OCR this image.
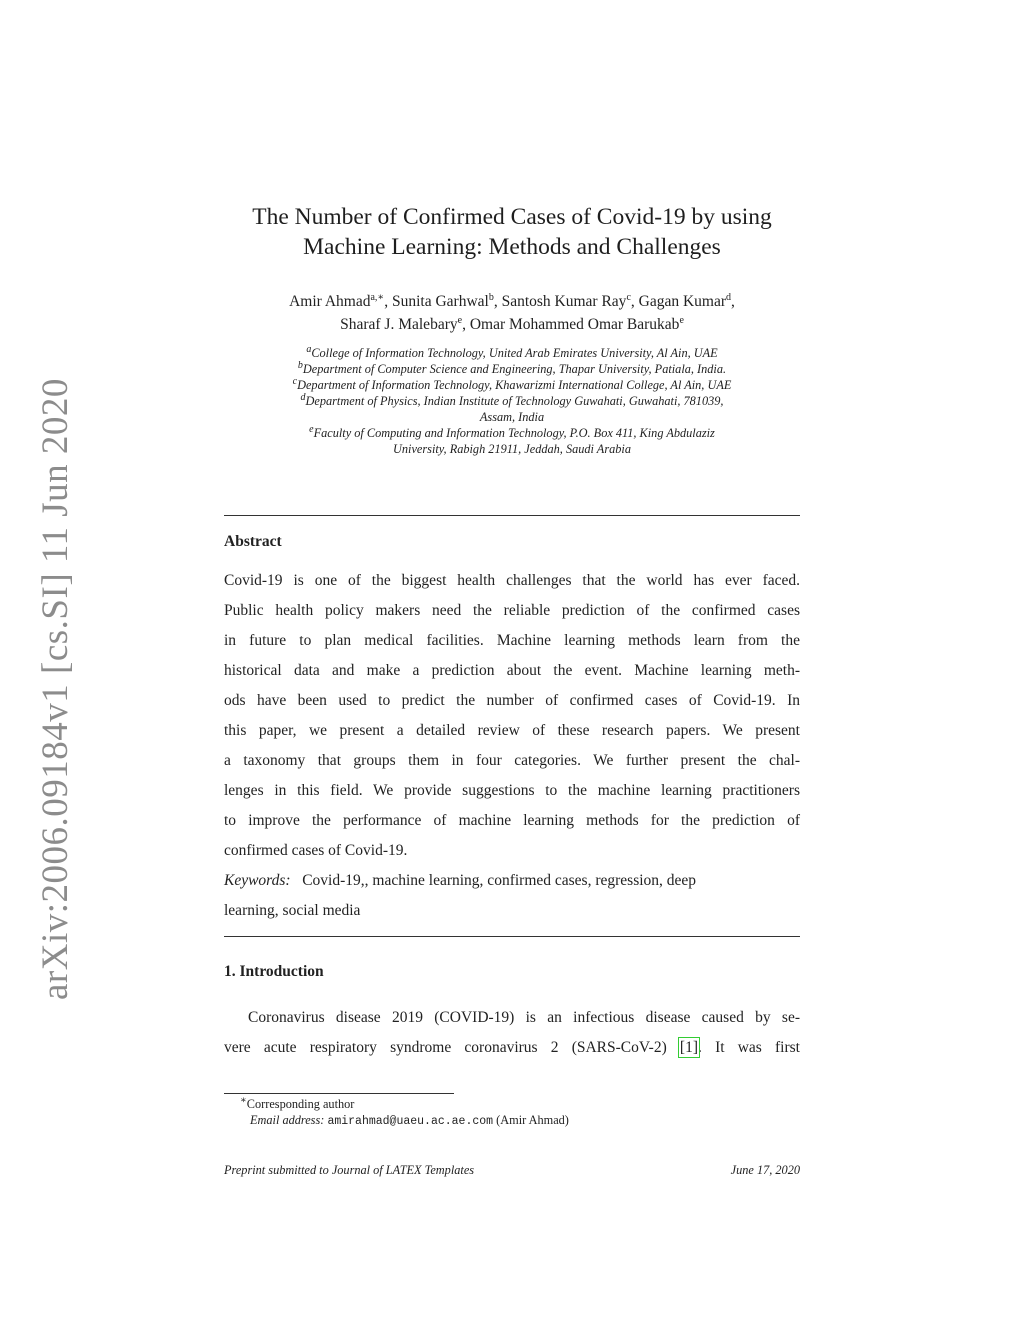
arXiv:2006.09184v1 [cs.SI] 11 Jun 2020
The Number of Confirmed Cases of Covid-19 by using
Machine Learning: Methods and Challenges
Amir Ahmad$^{a,∗}$, Sunita Garhwal$^b$, Santosh Kumar Ray$^c$, Gagan Kumar$^d$,
Sharaf J. Malebary$^e$, Omar Mohammed Omar Barukab$^e$
$^a$College of Information Technology, United Arab Emirates University, Al Ain, UAE
$^b$Department of Computer Science and Engineering, Thapar University, Patiala, India.
$^c$Department of Information Technology, Khawarizmi International College, Al Ain, UAE
$^d$Department of Physics, Indian Institute of Technology Guwahati, Guwahati, 781039,
Assam, India
$^e$Faculty of Computing and Information Technology, P.O. Box 411, King Abdulaziz
University, Rabigh 21911, Jeddah, Saudi Arabia
Abstract
Covid-19 is one of the biggest health challenges that the world has ever faced.
Public health policy makers need the reliable prediction of the confirmed cases
in future to plan medical facilities. Machine learning methods learn from the
historical data and make a prediction about the event. Machine learning meth-
ods have been used to predict the number of confirmed cases of Covid-19. In
this paper, we present a detailed review of these research papers. We present
a taxonomy that groups them in four categories. We further present the chal-
lenges in this field. We provide suggestions to the machine learning practitioners
to improve the performance of machine learning methods for the prediction of
confirmed cases of Covid-19.
Keywords: Covid-19,, machine learning, confirmed cases, regression, deep
learning, social media
1. Introduction
Coronavirus disease 2019 (COVID-19) is an infectious disease caused by se-
vere acute respiratory syndrome coronavirus 2 (SARS-CoV-2) [1]. It was first
∗Corresponding author
Email address: amirahmad@uaeu.ac.ae.com (Amir Ahmad)
Preprint submitted to Journal of LATEX Templates	June 17, 2020
